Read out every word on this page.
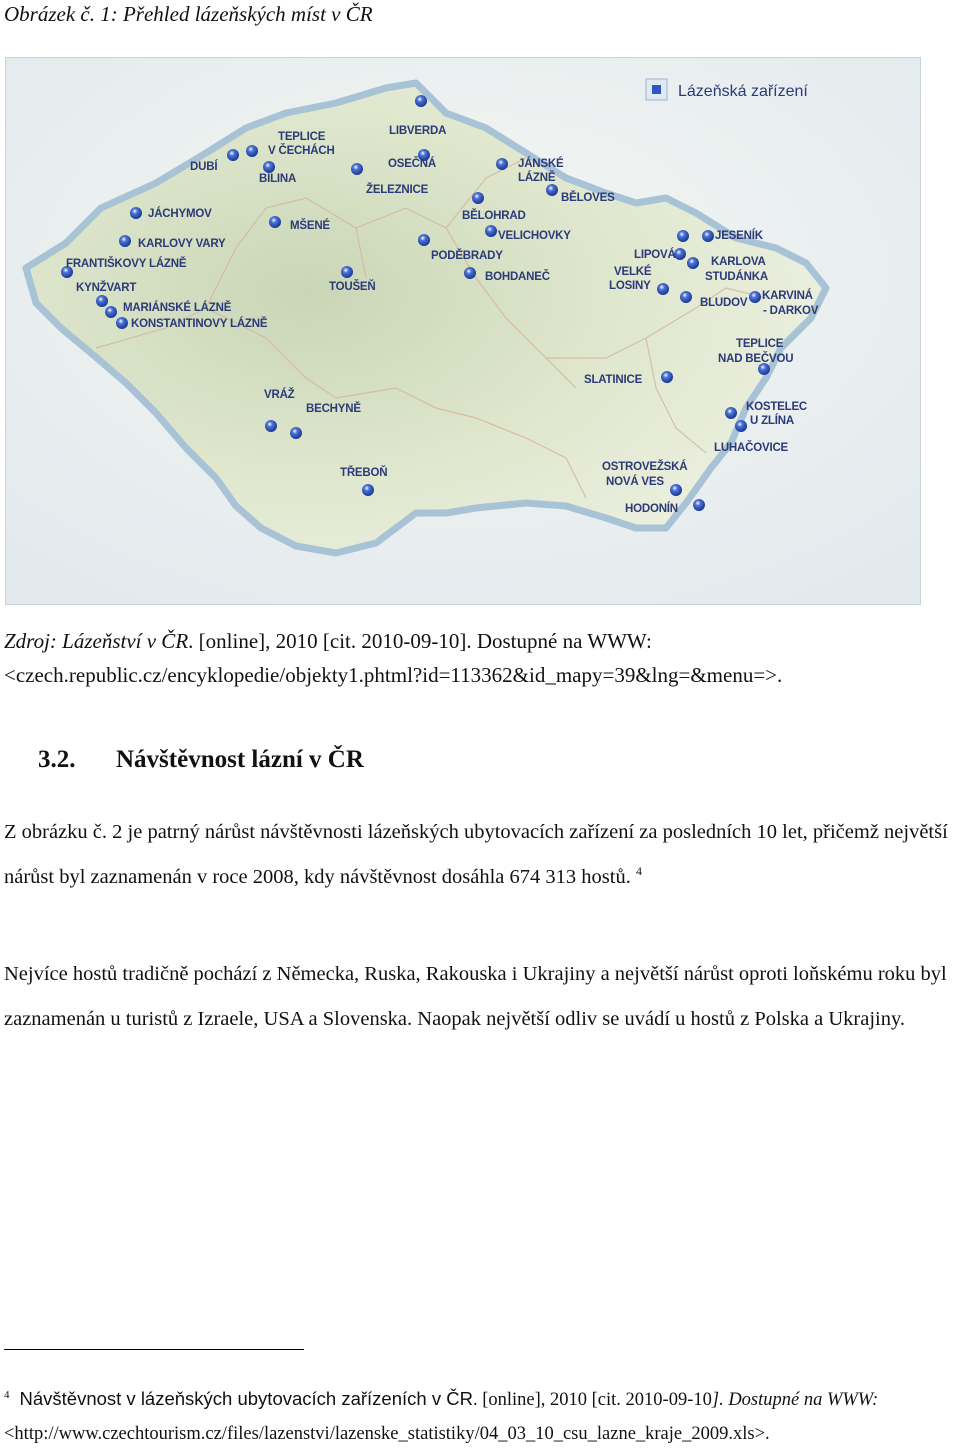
Obrázek č. 1: Přehled lázeňských míst v ČR
Lázeňská zařízení
TEPLICE
V ČECHÁCH
LIBVERDA
DUBÍ
BÍLINA
OSEČNÁ	JÁNSKÉ
LÁZNĚ
ŽELEZNICE
BĚLOVES
JÁCHYMOV
MŠENÉ
BĚLOHRAD
VELICHOVKY
KARLOVY VARY
FRANTIŠKOVY LÁZNĚ
PODĚBRADY	LIPOVÁ
JESENÍK
KYNŽVART
MARIÁNSKÉ LÁZNĚ
KONSTANTINOVY LÁZNĚ
TOUŠEŇ
BOHDANEČ	VELKÉ
LOSINY
KARLOVA
STUDÁNKA
BLUDOV
KARVINÁ
- DARKOV
TEPLICE
NAD BEČVOU
SLATINICE
VRÁŽ
BECHYNĚ	KOSTELEC
U ZLÍNA
LUHAČOVICE
TŘEBOŇ	OSTROVEŽSKÁ
NOVÁ VES
HODONÍN
Zdroj: Lázeňství v ČR. [online], 2010 [cit. 2010-09-10]. Dostupné na WWW:
<czech.republic.cz/encyklopedie/objekty1.phtml?id=113362&id_mapy=39&lng=&menu=>.
3.2. Návštěvnost lázní v ČR
Z obrázku č. 2 je patrný nárůst návštěvnosti lázeňských ubytovacích zařízení za posledních 10 let, přičemž největší nárůst byl zaznamenán v roce 2008, kdy návštěvnost dosáhla 674 313 hostů. $^4$
Nejvíce hostů tradičně pochází z Německa, Ruska, Rakouska i Ukrajiny a největší nárůst oproti loňskému roku byl zaznamenán u turistů z Izraele, USA a Slovenska. Naopak největší odliv se uvádí u hostů z Polska a Ukrajiny.
$^4$ Návštěvnost v lázeňských ubytovacích zařízeních v ČR. [online], 2010 [cit. 2010-09-10]. Dostupné na WWW:
<http://www.czechtourism.cz/files/lazenstvi/lazenske_statistiky/04_03_10_csu_lazne_kraje_2009.xls>.
